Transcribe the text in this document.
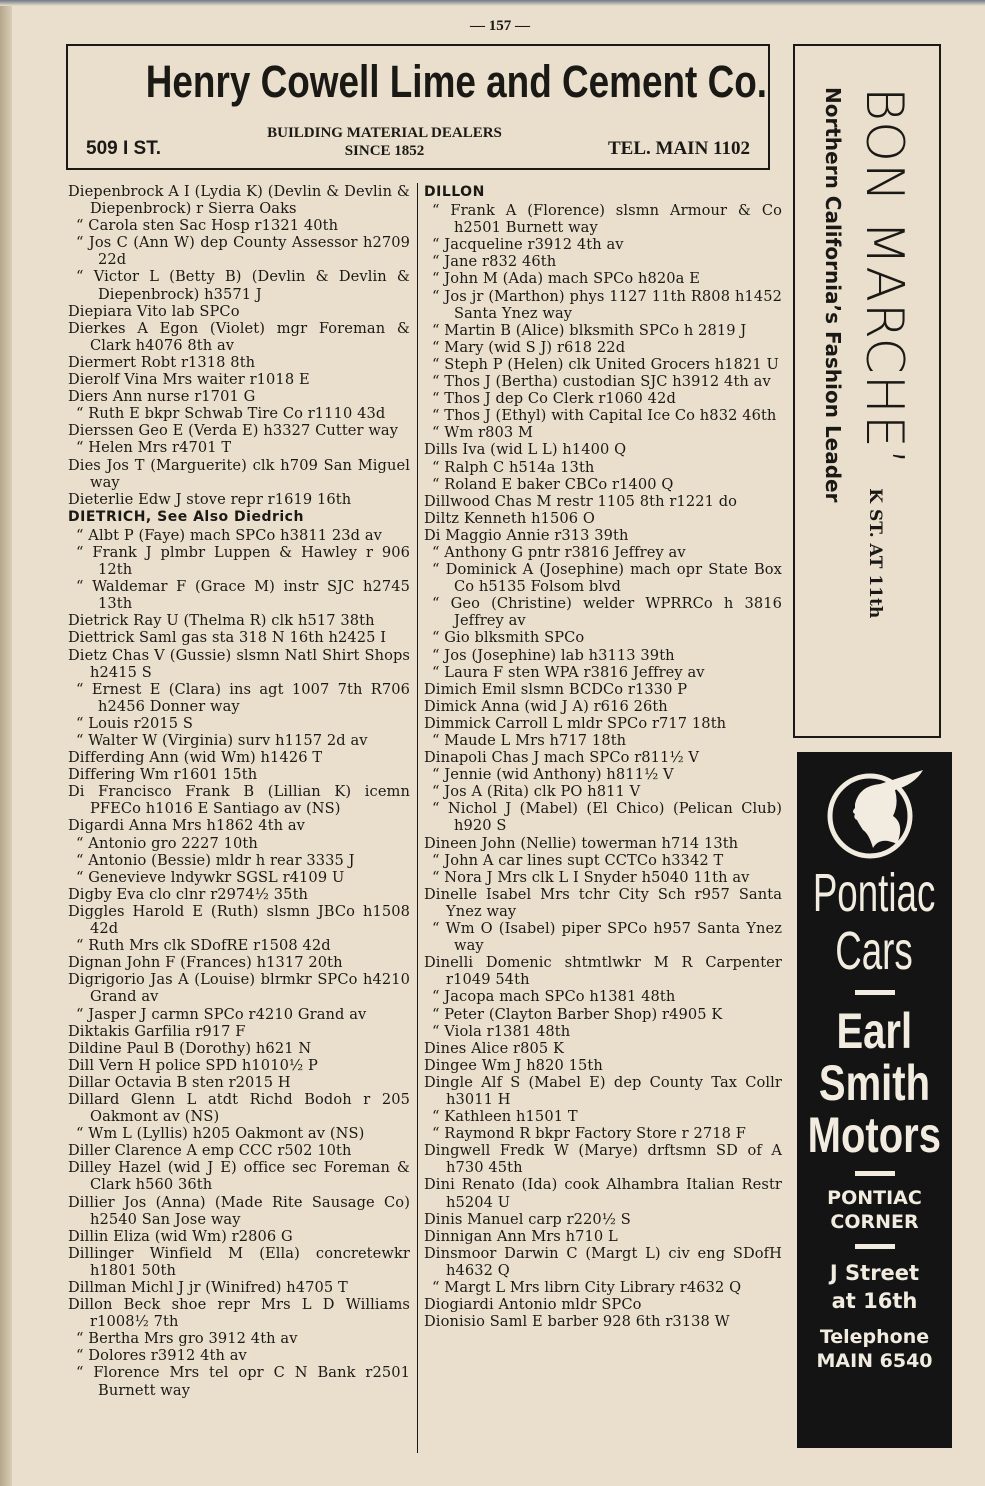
— 157 —
Henry Cowell Lime and Cement Co.
509 I ST.
BUILDING MATERIAL DEALERS
SINCE 1852	TEL. MAIN 1102
Diepenbrock A I (Lydia K) (Devlin & Devlin & Diepenbrock) r Sierra Oaks
“ Carola sten Sac Hosp r1321 40th
“ Jos C (Ann W) dep County Assessor h2709 22d
“ Victor L (Betty B) (Devlin & Devlin & Diepenbrock) h3571 J
Diepiara Vito lab SPCo
Dierkes A Egon (Violet) mgr Foreman & Clark h4076 8th av
Diermert Robt r1318 8th
Dierolf Vina Mrs waiter r1018 E
Diers Ann nurse r1701 G
“ Ruth E bkpr Schwab Tire Co r1110 43d
Dierssen Geo E (Verda E) h3327 Cutter way
“ Helen Mrs r4701 T
Dies Jos T (Marguerite) clk h709 San Miguel way
Dieterlie Edw J stove repr r1619 16th
DIETRICH, See Also Diedrich
“ Albt P (Faye) mach SPCo h3811 23d av
“ Frank J plmbr Luppen & Hawley r 906 12th
“ Waldemar F (Grace M) instr SJC h2745 13th
Dietrick Ray U (Thelma R) clk h517 38th
Diettrick Saml gas sta 318 N 16th h2425 I
Dietz Chas V (Gussie) slsmn Natl Shirt Shops h2415 S
“ Ernest E (Clara) ins agt 1007 7th R706 h2456 Donner way
“ Louis r2015 S
“ Walter W (Virginia) surv h1157 2d av
Differding Ann (wid Wm) h1426 T
Differing Wm r1601 15th
Di Francisco Frank B (Lillian K) icemn PFECo h1016 E Santiago av (NS)
Digardi Anna Mrs h1862 4th av
“ Antonio gro 2227 10th
“ Antonio (Bessie) mldr h rear 3335 J
“ Genevieve lndywkr SGSL r4109 U
Digby Eva clo clnr r2974½ 35th
Diggles Harold E (Ruth) slsmn JBCo h1508 42d
“ Ruth Mrs clk SDofRE r1508 42d
Dignan John F (Frances) h1317 20th
Digrigorio Jas A (Louise) blrmkr SPCo h4210 Grand av
“ Jasper J carmn SPCo r4210 Grand av
Diktakis Garfilia r917 F
Dildine Paul B (Dorothy) h621 N
Dill Vern H police SPD h1010½ P
Dillar Octavia B sten r2015 H
Dillard Glenn L atdt Richd Bodoh r 205 Oakmont av (NS)
“ Wm L (Lyllis) h205 Oakmont av (NS)
Diller Clarence A emp CCC r502 10th
Dilley Hazel (wid J E) office sec Foreman & Clark h560 36th
Dillier Jos (Anna) (Made Rite Sausage Co) h2540 San Jose way
Dillin Eliza (wid Wm) r2806 G
Dillinger Winfield M (Ella) concretewkr h1801 50th
Dillman Michl J jr (Winifred) h4705 T
Dillon Beck shoe repr Mrs L D Williams r1008½ 7th
“ Bertha Mrs gro 3912 4th av
“ Dolores r3912 4th av
“ Florence Mrs tel opr C N Bank r2501 Burnett way
DILLON
“ Frank A (Florence) slsmn Armour & Co h2501 Burnett way
“ Jacqueline r3912 4th av
“ Jane r832 46th
“ John M (Ada) mach SPCo h820a E
“ Jos jr (Marthon) phys 1127 11th R808 h1452 Santa Ynez way
“ Martin B (Alice) blksmith SPCo h 2819 J
“ Mary (wid S J) r618 22d
“ Steph P (Helen) clk United Grocers h1821 U
“ Thos J (Bertha) custodian SJC h3912 4th av
“ Thos J dep Co Clerk r1060 42d
“ Thos J (Ethyl) with Capital Ice Co h832 46th
“ Wm r803 M
Dills Iva (wid L L) h1400 Q
“ Ralph C h514a 13th
“ Roland E baker CBCo r1400 Q
Dillwood Chas M restr 1105 8th r1221 do
Diltz Kenneth h1506 O
Di Maggio Annie r313 39th
“ Anthony G pntr r3816 Jeffrey av
“ Dominick A (Josephine) mach opr State Box Co h5135 Folsom blvd
“ Geo (Christine) welder WPRRCo h 3816 Jeffrey av
“ Gio blksmith SPCo
“ Jos (Josephine) lab h3113 39th
“ Laura F sten WPA r3816 Jeffrey av
Dimich Emil slsmn BCDCo r1330 P
Dimick Anna (wid J A) r616 26th
Dimmick Carroll L mldr SPCo r717 18th
“ Maude L Mrs h717 18th
Dinapoli Chas J mach SPCo r811½ V
“ Jennie (wid Anthony) h811½ V
“ Jos A (Rita) clk PO h811 V
“ Nichol J (Mabel) (El Chico) (Pelican Club) h920 S
Dineen John (Nellie) towerman h714 13th
“ John A car lines supt CCTCo h3342 T
“ Nora J Mrs clk L I Snyder h5040 11th av
Dinelle Isabel Mrs tchr City Sch r957 Santa Ynez way
“ Wm O (Isabel) piper SPCo h957 Santa Ynez way
Dinelli Domenic shtmtlwkr M R Carpenter r1049 54th
“ Jacopa mach SPCo h1381 48th
“ Peter (Clayton Barber Shop) r4905 K
“ Viola r1381 48th
Dines Alice r805 K
Dingee Wm J h820 15th
Dingle Alf S (Mabel E) dep County Tax Collr h3011 H
“ Kathleen h1501 T
“ Raymond R bkpr Factory Store r 2718 F
Dingwell Fredk W (Marye) drftsmn SD of A h730 45th
Dini Renato (Ida) cook Alhambra Italian Restr h5204 U
Dinis Manuel carp r220½ S
Dinnigan Ann Mrs h710 L
Dinsmoor Darwin C (Margt L) civ eng SDofH h4632 Q
“ Margt L Mrs librn City Library r4632 Q
Diogiardi Antonio mldr SPCo
Dionisio Saml E barber 928 6th r3138 W
BON MARCHE’
K ST. AT 11th
Northern California’s Fashion Leader
Pontiac
Cars
Earl
Smith
Motors
PONTIAC
CORNER
J Street
at 16th
Telephone
MAIN 6540
